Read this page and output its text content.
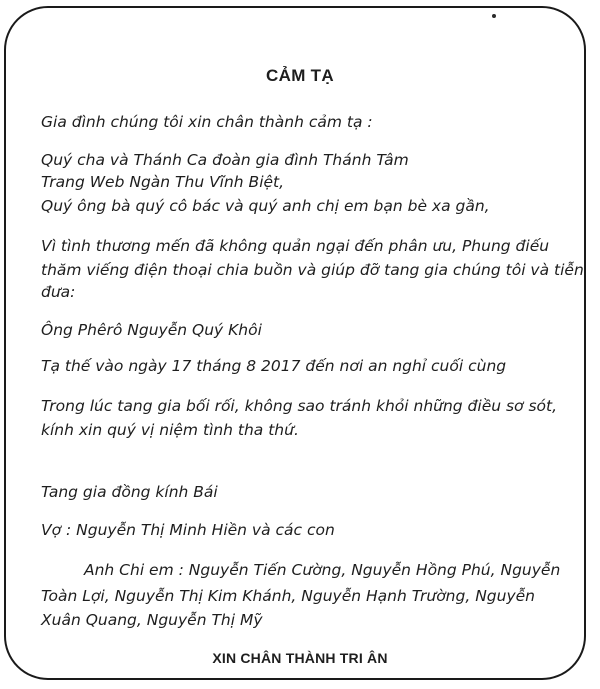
CẢM TẠ
Gia đình chúng tôi xin chân thành cảm tạ :
Quý cha và Thánh Ca đoàn gia đình Thánh Tâm
Trang Web Ngàn Thu Vĩnh Biệt,
Quý ông bà quý cô bác và quý anh chị em bạn bè xa gần,
Vì tình thương mến đã không quản ngại đến phân ưu, Phung điếu
thăm viếng điện thoại chia buồn và giúp đỡ tang gia chúng tôi và tiễn
đưa:
Ông Phêrô Nguyễn Quý Khôi
Tạ thế vào ngày 17 tháng 8 2017 đến nơi an nghỉ cuối cùng
Trong lúc tang gia bối rối, không sao tránh khỏi những điều sơ sót,
kính xin quý vị niệm tình tha thứ.
Tang gia đồng kính Bái
Vợ : Nguyễn Thị Minh Hiền và các con
Anh Chi em : Nguyễn Tiến Cường, Nguyễn Hồng Phú, Nguyễn
Toàn Lợi, Nguyễn Thị Kim Khánh, Nguyễn Hạnh Trường, Nguyễn
Xuân Quang, Nguyễn Thị Mỹ
XIN CHÂN THÀNH TRI ÂN
